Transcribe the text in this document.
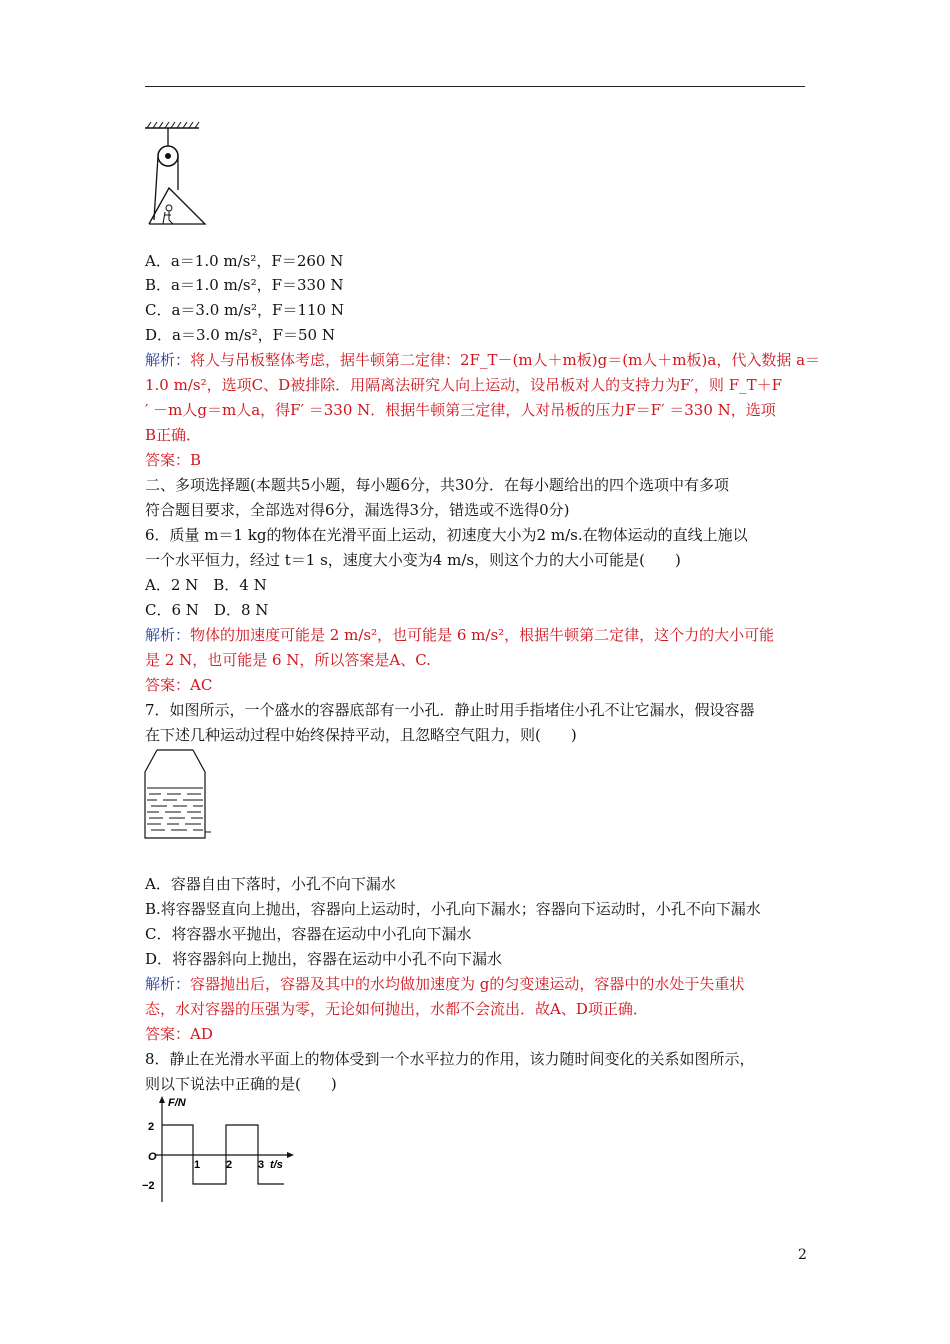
A．a＝1.0 m/s²，F＝260 N
B．a＝1.0 m/s²，F＝330 N
C．a＝3.0 m/s²，F＝110 N
D．a＝3.0 m/s²，F＝50 N
解析：将人与吊板整体考虑，据牛顿第二定律：2F_T－(m人＋m板)g＝(m人＋m板)a，代入数据 a＝
1.0 m/s²，选项C、D被排除．用隔离法研究人向上运动，设吊板对人的支持力为F′，则 F_T＋F
′ －m人g＝m人a，得F′ ＝330 N．根据牛顿第三定律，人对吊板的压力F＝F′ ＝330 N，选项
B正确．
答案：B
二、多项选择题(本题共5小题，每小题6分，共30分．在每小题给出的四个选项中有多项
符合题目要求，全部选对得6分，漏选得3分，错选或不选得0分)
6．质量 m＝1 kg的物体在光滑平面上运动，初速度大小为2 m/s.在物体运动的直线上施以
一个水平恒力，经过 t＝1 s，速度大小变为4 m/s，则这个力的大小可能是(　　)
A．2 N　B．4 N
C．6 N　D．8 N
解析：物体的加速度可能是 2 m/s²，也可能是 6 m/s²，根据牛顿第二定律，这个力的大小可能
是 2 N，也可能是 6 N，所以答案是A、C.
答案：AC
7．如图所示，一个盛水的容器底部有一小孔．静止时用手指堵住小孔不让它漏水，假设容器
在下述几种运动过程中始终保持平动，且忽略空气阻力，则(　　)
A．容器自由下落时，小孔不向下漏水
B.将容器竖直向上抛出，容器向上运动时，小孔向下漏水；容器向下运动时，小孔不向下漏水
C．将容器水平抛出，容器在运动中小孔向下漏水
D．将容器斜向上抛出，容器在运动中小孔不向下漏水
解析：容器抛出后，容器及其中的水均做加速度为 g的匀变速运动，容器中的水处于失重状
态，水对容器的压强为零，无论如何抛出，水都不会流出．故A、D项正确．
答案：AD
8．静止在光滑水平面上的物体受到一个水平拉力的作用，该力随时间变化的关系如图所示，
则以下说法中正确的是(　　)
F/N
t/s
O
2
−2
1 2 3
2
